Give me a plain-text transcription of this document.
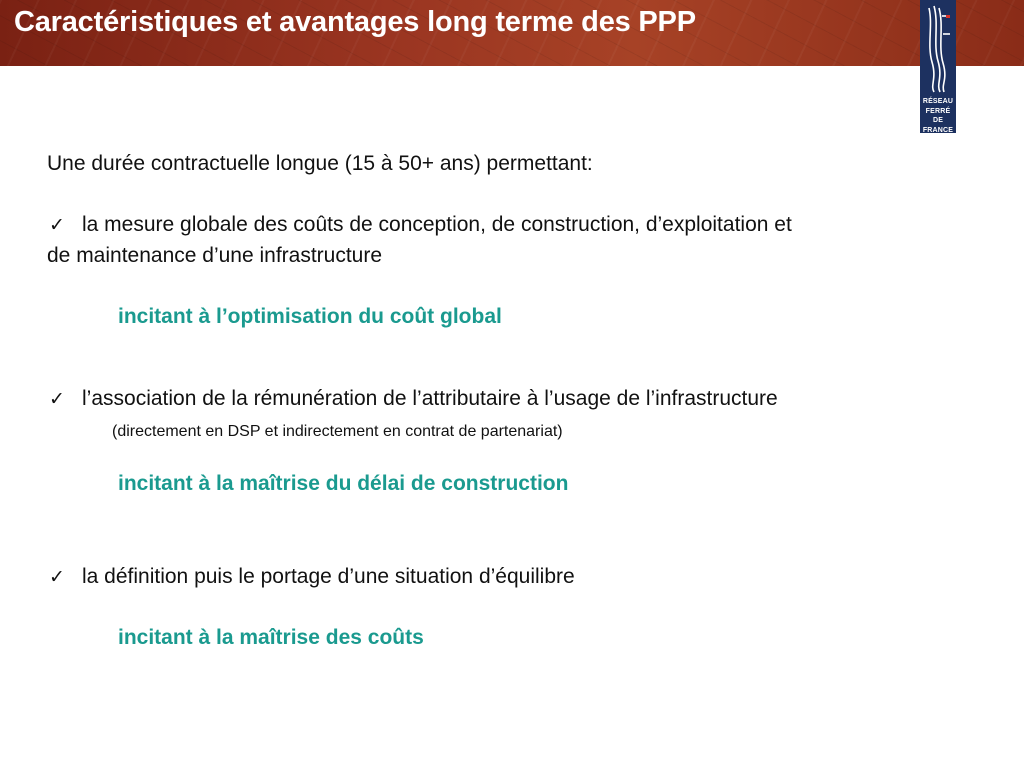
Caractéristiques et avantages long terme des PPP
RÉSEAU
FERRÉ DE
FRANCE
Une durée contractuelle longue (15 à 50+ ans) permettant:
✓ la mesure globale des coûts de conception, de construction, d’exploitation et
de maintenance d’une infrastructure
incitant à l’optimisation du coût global
✓ l’association de la rémunération de l’attributaire à l’usage de l’infrastructure
(directement en DSP et indirectement en contrat de partenariat)
incitant à la maîtrise du délai de construction
✓ la définition puis le portage d’une situation d’équilibre
incitant à la maîtrise des coûts
